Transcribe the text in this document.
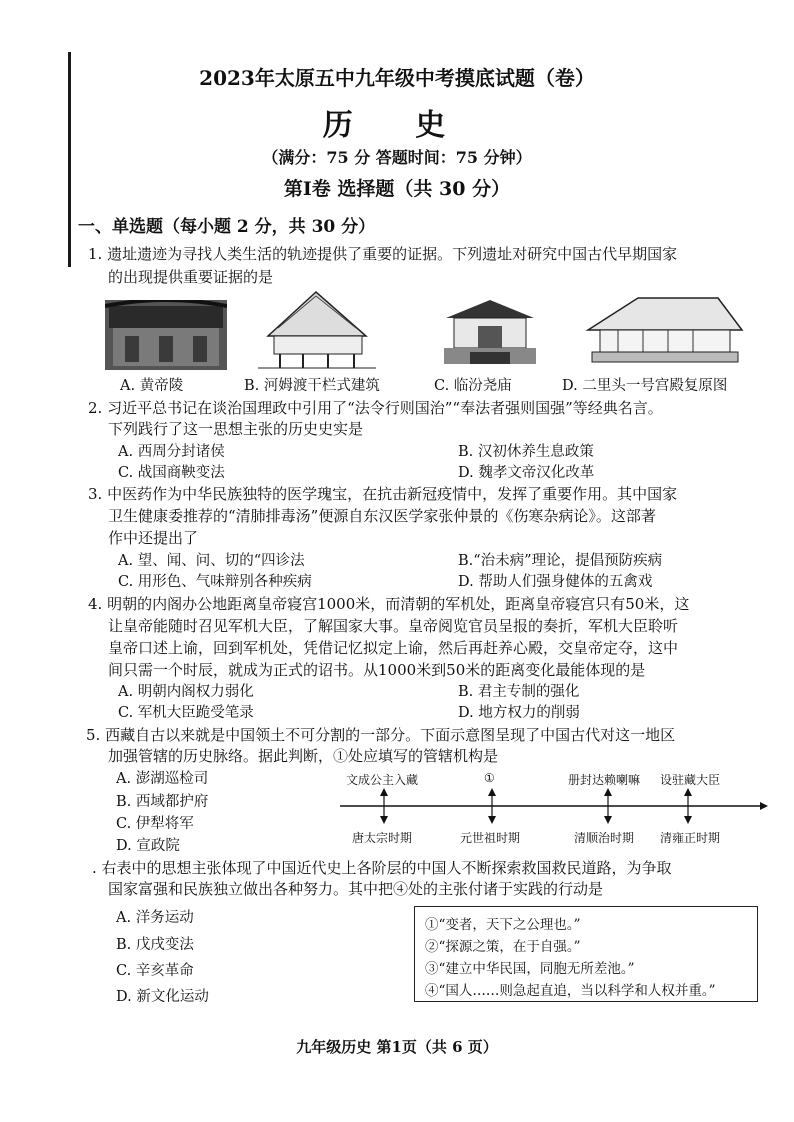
2023年太原五中九年级中考摸底试题（卷）
历 史
（满分：75 分 答题时间：75 分钟）
第Ⅰ卷 选择题（共 30 分）
一、单选题（每小题 2 分，共 30 分）
1. 遗址遗迹为寻找人类生活的轨迹提供了重要的证据。下列遗址对研究中国古代早期国家
的出现提供重要证据的是
A. 黄帝陵	B. 河姆渡干栏式建筑	C. 临汾尧庙	D. 二里头一号宫殿复原图
2. 习近平总书记在谈治国理政中引用了“法令行则国治”“奉法者强则国强”等经典名言。
下列践行了这一思想主张的历史史实是
A. 西周分封诸侯	B. 汉初休养生息政策
C. 战国商鞅变法	D. 魏孝文帝汉化改革
3. 中医药作为中华民族独特的医学瑰宝，在抗击新冠疫情中，发挥了重要作用。其中国家
卫生健康委推荐的“清肺排毒汤”便源自东汉医学家张仲景的《伤寒杂病论》。这部著
作中还提出了
A. 望、闻、问、切的“四诊法	B.“治未病”理论，提倡预防疾病
C. 用形色、气味辩别各种疾病	D. 帮助人们强身健体的五禽戏
4. 明朝的内阁办公地距离皇帝寝宫1000米，而清朝的军机处，距离皇帝寝宫只有50米，这
让皇帝能随时召见军机大臣，了解国家大事。皇帝阅览官员呈报的奏折，军机大臣聆听
皇帝口述上谕，回到军机处，凭借记忆拟定上谕，然后再赶养心殿，交皇帝定夺，这中
间只需一个时辰，就成为正式的诏书。从1000米到50米的距离变化最能体现的是
A. 明朝内阁权力弱化	B. 君主专制的强化
C. 军机大臣跪受笔录	D. 地方权力的削弱
5. 西藏自古以来就是中国领土不可分割的一部分。下面示意图呈现了中国古代对这一地区
加强管辖的历史脉络。据此判断，①处应填写的管辖机构是
A. 澎湖巡检司
B. 西域都护府
C. 伊犁将军
D. 宣政院
文成公主入藏	①	册封达赖喇嘛 设驻藏大臣
唐太宗时期	元世祖时期	清顺治时期 清雍正时期
. 右表中的思想主张体现了中国近代史上各阶层的中国人不断探索救国救民道路，为争取
国家富强和民族独立做出各种努力。其中把④处的主张付诸于实践的行动是
A. 洋务运动
B. 戊戌变法
C. 辛亥革命
D. 新文化运动
①“变者，天下之公理也。”
②“探源之策，在于自强。”
③“建立中华民国，同胞无所差池。”
④“国人……则急起直追，当以科学和人权并重。”
九年级历史 第1页（共 6 页）
